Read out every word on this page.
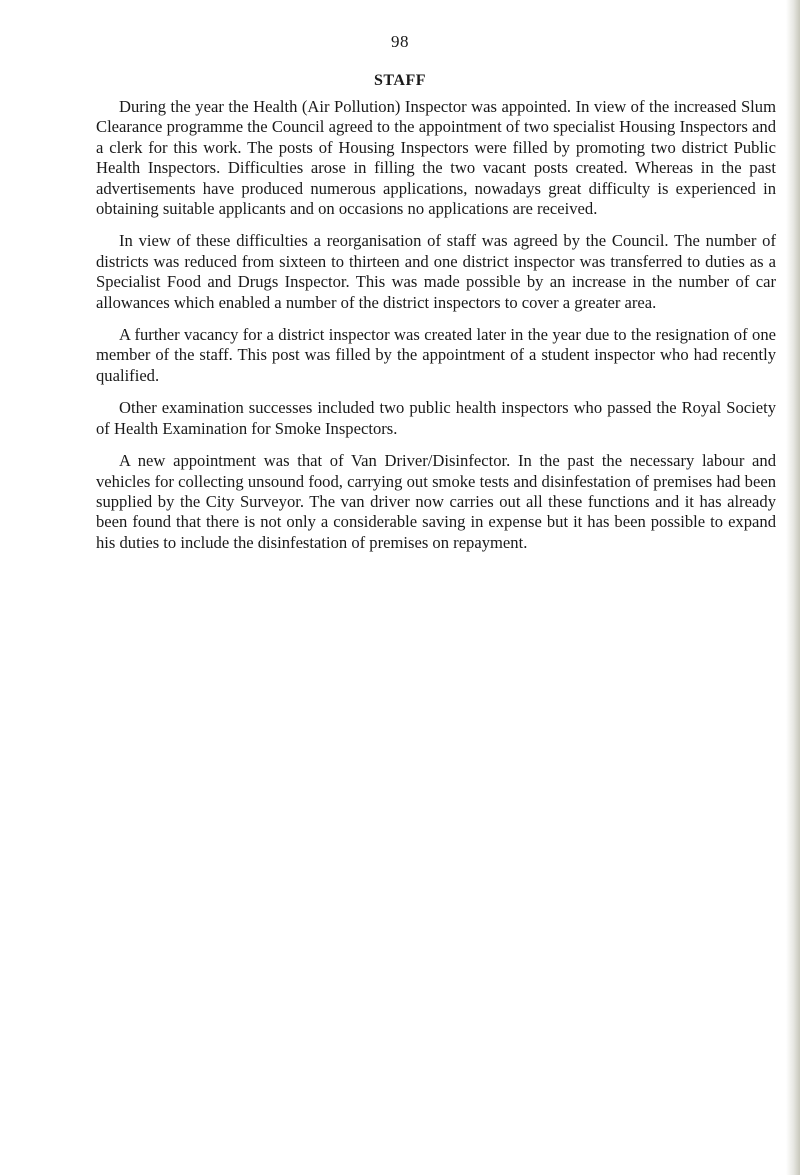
98
STAFF

During the year the Health (Air Pollution) Inspector was appointed. In view of the increased Slum Clearance programme the Council agreed to the appointment of two specialist Housing Inspectors and a clerk for this work. The posts of Housing Inspectors were filled by promoting two district Public Health Inspectors. Difficulties arose in filling the two vacant posts created. Whereas in the past advertisements have produced numerous applications, nowadays great difficulty is experienced in obtaining suitable applicants and on occasions no applications are received.

In view of these difficulties a reorganisation of staff was agreed by the Council. The number of districts was reduced from sixteen to thirteen and one district inspector was transferred to duties as a Specialist Food and Drugs Inspector. This was made possible by an increase in the number of car allowances which enabled a number of the district inspectors to cover a greater area.

A further vacancy for a district inspector was created later in the year due to the resignation of one member of the staff. This post was filled by the appointment of a student inspector who had recently qualified.

Other examination successes included two public health inspectors who passed the Royal Society of Health Examination for Smoke Inspectors.

A new appointment was that of Van Driver/Disinfector. In the past the necessary labour and vehicles for collecting unsound food, carrying out smoke tests and disinfestation of premises had been supplied by the City Surveyor. The van driver now carries out all these functions and it has already been found that there is not only a considerable saving in expense but it has been possible to expand his duties to include the disinfestation of premises on repayment.
